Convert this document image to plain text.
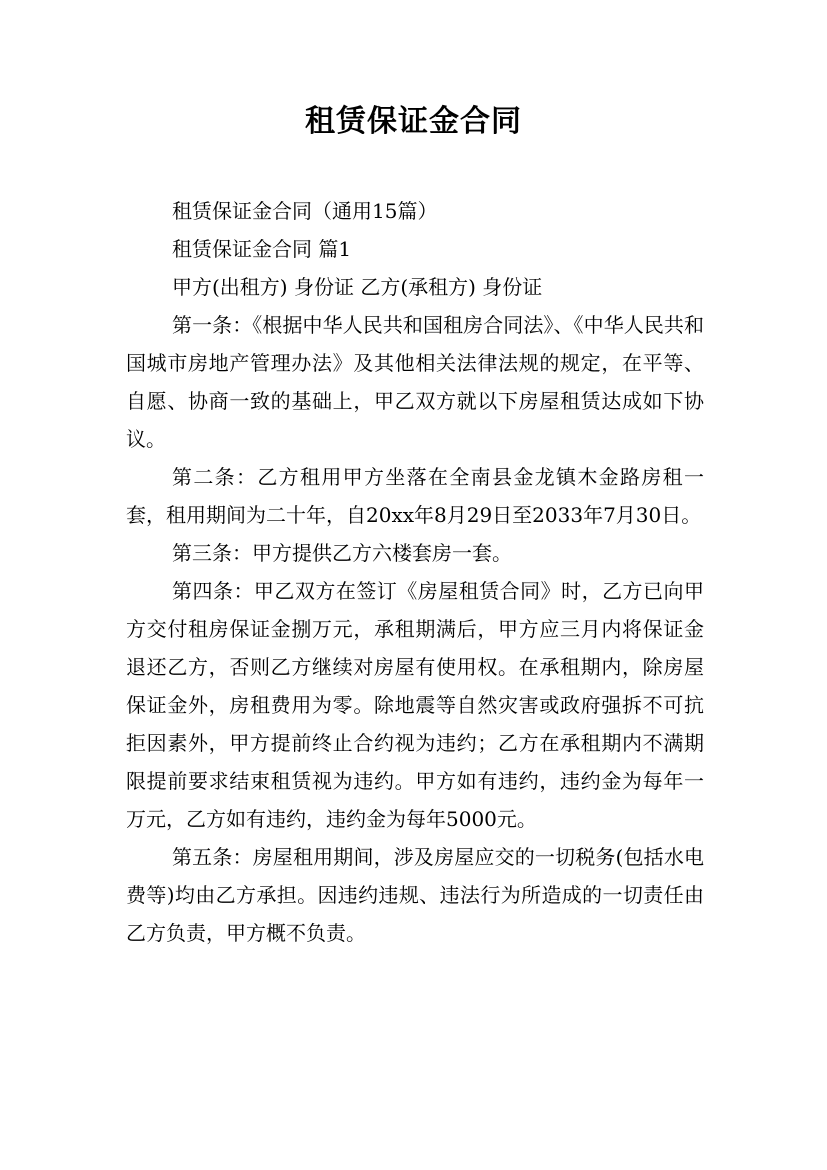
租赁保证金合同

租赁保证金合同（通用15篇）

租赁保证金合同 篇1

甲方(出租方) 身份证 乙方(承租方) 身份证

第一条：《根据中华人民共和国租房合同法》、《中华人民共和国城市房地产管理办法》及其他相关法律法规的规定，在平等、自愿、协商一致的基础上，甲乙双方就以下房屋租赁达成如下协议。

第二条：乙方租用甲方坐落在全南县金龙镇木金路房租一套，租用期间为二十年，自20xx年8月29日至2033年7月30日。

第三条：甲方提供乙方六楼套房一套。

第四条：甲乙双方在签订《房屋租赁合同》时，乙方已向甲方交付租房保证金捌万元，承租期满后，甲方应三月内将保证金退还乙方，否则乙方继续对房屋有使用权。在承租期内，除房屋保证金外，房租费用为零。除地震等自然灾害或政府强拆不可抗拒因素外，甲方提前终止合约视为违约；乙方在承租期内不满期限提前要求结束租赁视为违约。甲方如有违约，违约金为每年一万元，乙方如有违约，违约金为每年5000元。

第五条：房屋租用期间，涉及房屋应交的一切税务(包括水电费等)均由乙方承担。因违约违规、违法行为所造成的一切责任由乙方负责，甲方概不负责。
